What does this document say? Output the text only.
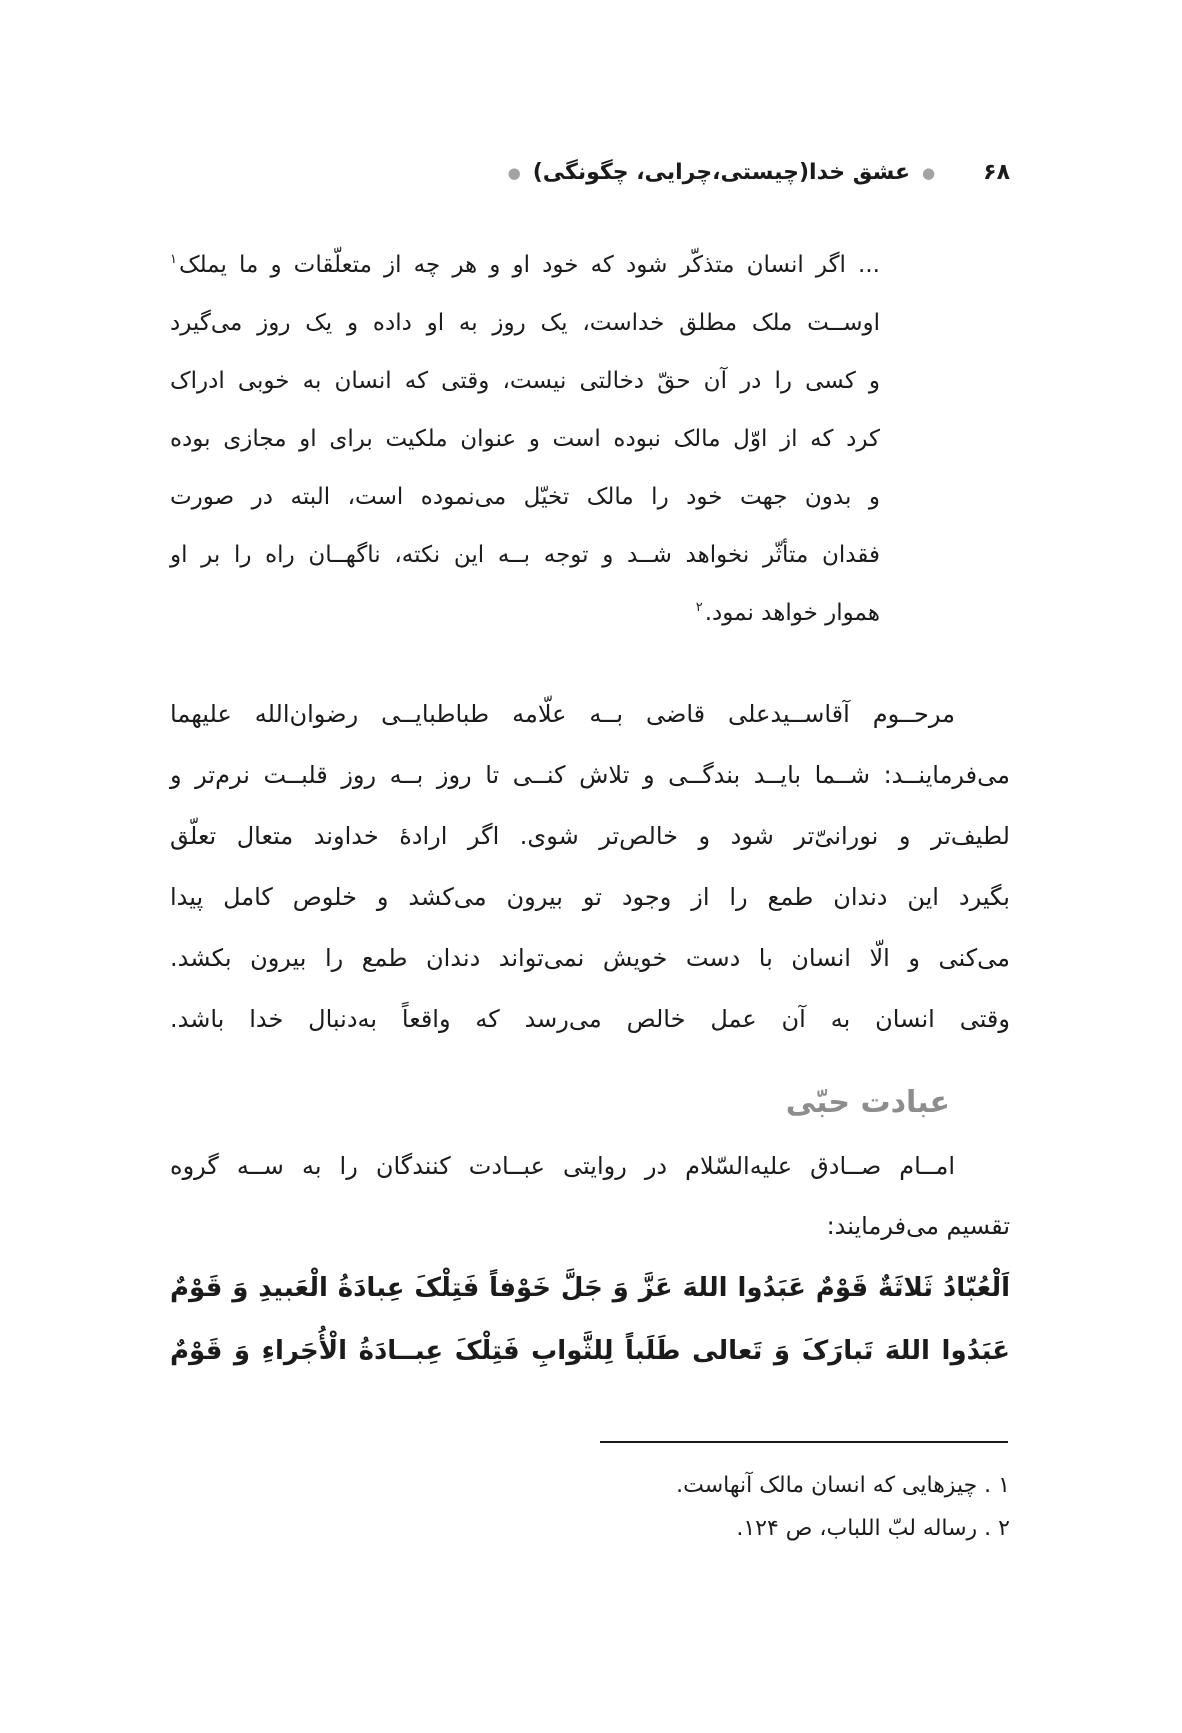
۶۸
●
عشق خدا(چیستی،چرایی، چگونگی)
●
... اگر انسان متذکّر شود که خود او و هر چه از متعلّقات و ما یملک$^۱$
اوســت ملک مطلق خداست، یک روز به او داده و یک روز می‌گیرد
و کسی را در آن حقّ دخالتی نیست، وقتی که انسان به خوبی ادراک
کرد که از اوّل مالک نبوده است و عنوان ملکیت برای او مجازی بوده
و بدون جهت خود را مالک تخیّل می‌نموده است، البته در صورت
فقدان متأثّر نخواهد شــد و توجه بــه این نکته، ناگهــان راه را بر او
هموار خواهد نمود.$^۲$
مرحــوم آقاســیدعلی قاضی بــه علّامه طباطبایــی رضوان‌الله علیهما
می‌فرماینــد: شــما بایــد بندگــی و تلاش کنــی تا روز بــه روز قلبــت نرم‌تر و
لطیف‌تر و نورانیّ‌تر شود و خالص‌تر شوی. اگر ارادهٔ خداوند متعال تعلّق
بگیرد این دندان طمع را از وجود تو بیرون می‌کشد و خلوص کامل پیدا
می‌کنی و الّا انسان با دست خویش نمی‌تواند دندان طمع را بیرون بکشد.
وقتی انسان به آن عمل خالص می‌رسد که واقعاً به‌دنبال خدا باشد.
عبادت حبّی
امــام صــادق علیه‌السّلام در روایتی عبــادت کنندگان را به ســه گروه
تقسیم می‌فرمایند:
اَلْعُبّادُ ثَلاثَةٌ قَوْمٌ عَبَدُوا اللهَ عَزَّ وَ جَلَّ خَوْفاً فَتِلْکَ عِبادَةُ الْعَبیدِ وَ قَوْمٌ
عَبَدُوا اللهَ تَبارَکَ وَ تَعالی طَلَباً لِلثَّوابِ فَتِلْکَ عِبــادَةُ الْأُجَراءِ وَ قَوْمٌ
۱ . چیزهایی که انسان مالک آنهاست.
۲ . رساله لبّ اللباب، ص ۱۲۴.
